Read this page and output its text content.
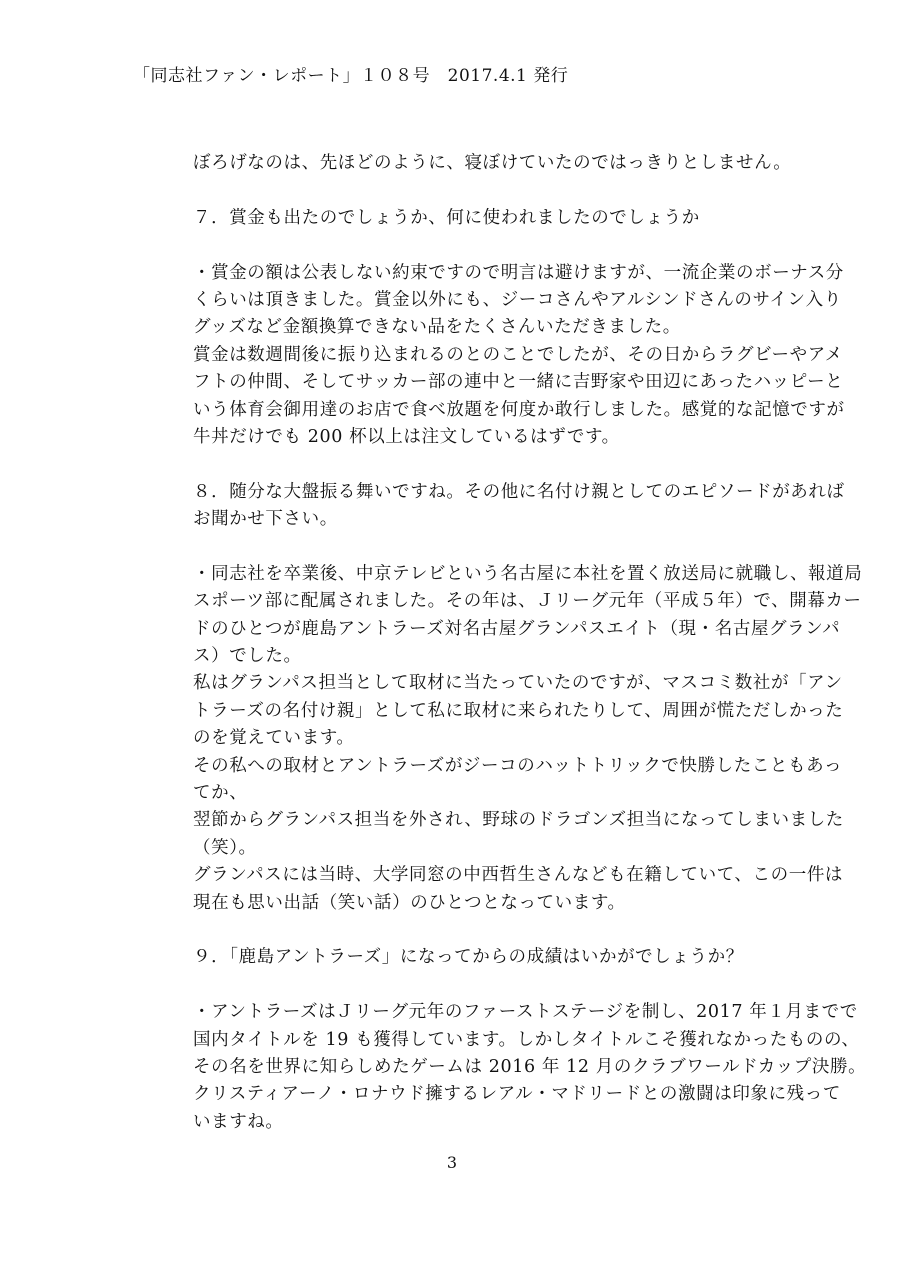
「同志社ファン・レポート」１０８号　2017.4.1 発行
ぼろげなのは、先ほどのように、寝ぼけていたのではっきりとしません。
７．賞金も出たのでしょうか、何に使われましたのでしょうか
・賞金の額は公表しない約束ですので明言は避けますが、一流企業のボーナス分
くらいは頂きました。賞金以外にも、ジーコさんやアルシンドさんのサイン入り
グッズなど金額換算できない品をたくさんいただきました。
賞金は数週間後に振り込まれるのとのことでしたが、その日からラグビーやアメ
フトの仲間、そしてサッカー部の連中と一緒に吉野家や田辺にあったハッピーと
いう体育会御用達のお店で食べ放題を何度か敢行しました。感覚的な記憶ですが
牛丼だけでも 200 杯以上は注文しているはずです。
８．随分な大盤振る舞いですね。その他に名付け親としてのエピソードがあれば
お聞かせ下さい。
・同志社を卒業後、中京テレビという名古屋に本社を置く放送局に就職し、報道局
スポーツ部に配属されました。その年は、Ｊリーグ元年（平成５年）で、開幕カー
ドのひとつが鹿島アントラーズ対名古屋グランパスエイト（現・名古屋グランパ
ス）でした。
私はグランパス担当として取材に当たっていたのですが、マスコミ数社が「アン
トラーズの名付け親」として私に取材に来られたりして、周囲が慌ただしかった
のを覚えています。
その私への取材とアントラーズがジーコのハットトリックで快勝したこともあっ
てか、
翌節からグランパス担当を外され、野球のドラゴンズ担当になってしまいました
（笑）。
グランパスには当時、大学同窓の中西哲生さんなども在籍していて、この一件は
現在も思い出話（笑い話）のひとつとなっています。
９．「鹿島アントラーズ」になってからの成績はいかがでしょうか？
・アントラーズはＪリーグ元年のファーストステージを制し、2017 年１月までで
国内タイトルを 19 も獲得しています。しかしタイトルこそ獲れなかったものの、
その名を世界に知らしめたゲームは 2016 年 12 月のクラブワールドカップ決勝。
クリスティアーノ・ロナウド擁するレアル・マドリードとの激闘は印象に残って
いますね。
3
